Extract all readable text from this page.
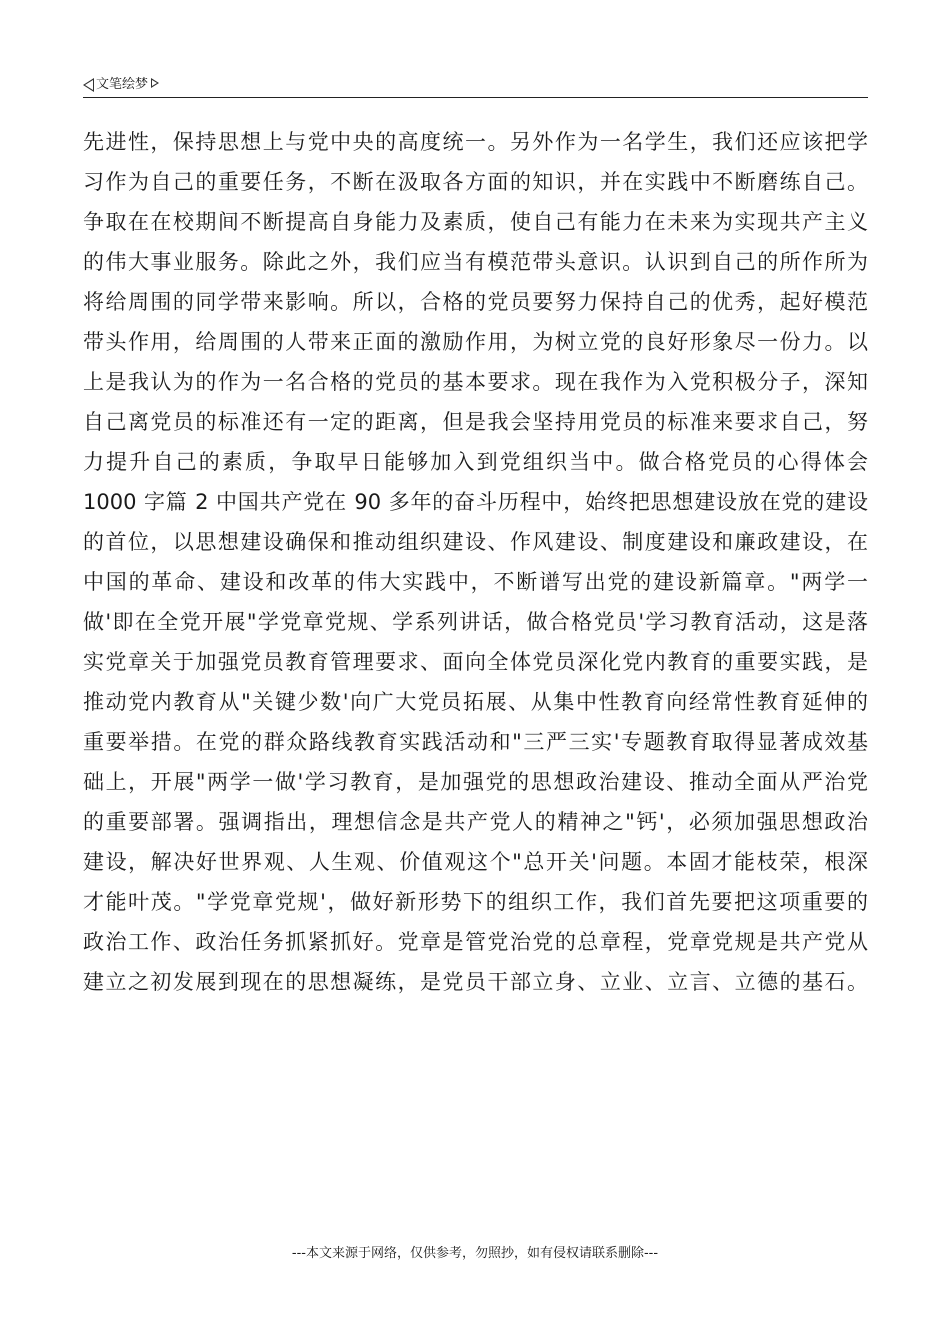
文笔绘梦
先进性，保持思想上与党中央的高度统一。另外作为一名学生，我们还应该把学
习作为自己的重要任务，不断在汲取各方面的知识，并在实践中不断磨练自己。
争取在在校期间不断提高自身能力及素质，使自己有能力在未来为实现共产主义
的伟大事业服务。除此之外，我们应当有模范带头意识。认识到自己的所作所为
将给周围的同学带来影响。所以，合格的党员要努力保持自己的优秀，起好模范
带头作用，给周围的人带来正面的激励作用，为树立党的良好形象尽一份力。以
上是我认为的作为一名合格的党员的基本要求。现在我作为入党积极分子，深知
自己离党员的标准还有一定的距离，但是我会坚持用党员的标准来要求自己，努
力提升自己的素质，争取早日能够加入到党组织当中。做合格党员的心得体会
1000 字篇 2 中国共产党在 90 多年的奋斗历程中，始终把思想建设放在党的建设
的首位，以思想建设确保和推动组织建设、作风建设、制度建设和廉政建设，在
中国的革命、建设和改革的伟大实践中，不断谱写出党的建设新篇章。"两学一
做'即在全党开展"学党章党规、学系列讲话，做合格党员'学习教育活动，这是落
实党章关于加强党员教育管理要求、面向全体党员深化党内教育的重要实践，是
推动党内教育从"关键少数'向广大党员拓展、从集中性教育向经常性教育延伸的
重要举措。在党的群众路线教育实践活动和"三严三实'专题教育取得显著成效基
础上，开展"两学一做'学习教育，是加强党的思想政治建设、推动全面从严治党
的重要部署。强调指出，理想信念是共产党人的精神之"钙'，必须加强思想政治
建设，解决好世界观、人生观、价值观这个"总开关'问题。本固才能枝荣，根深
才能叶茂。"学党章党规'，做好新形势下的组织工作，我们首先要把这项重要的
政治工作、政治任务抓紧抓好。党章是管党治党的总章程，党章党规是共产党从
建立之初发展到现在的思想凝练，是党员干部立身、立业、立言、立德的基石。
---本文来源于网络，仅供参考，勿照抄，如有侵权请联系删除---
